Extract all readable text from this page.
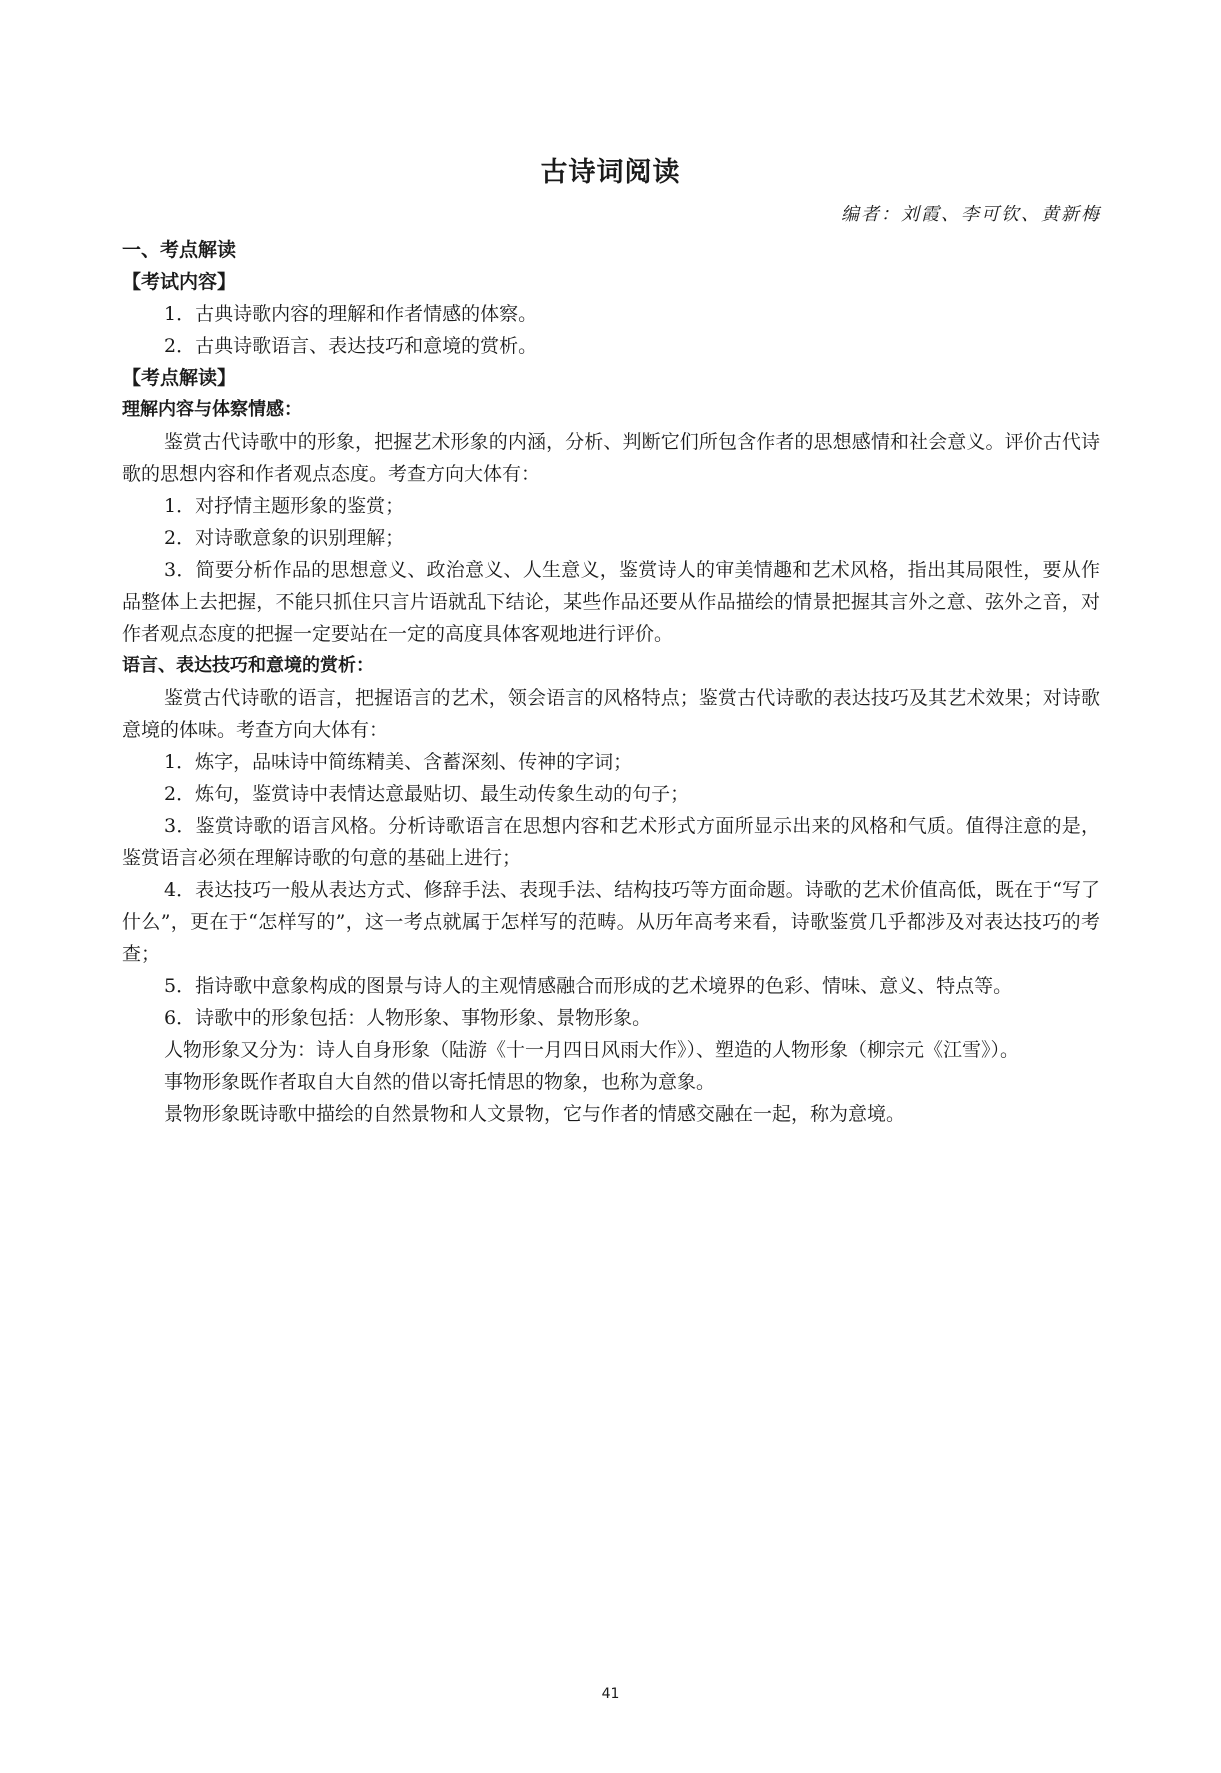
古诗词阅读
编者：刘霞、李可钦、黄新梅
一、考点解读
【考试内容】
1．古典诗歌内容的理解和作者情感的体察。
2．古典诗歌语言、表达技巧和意境的赏析。
【考点解读】
理解内容与体察情感：
鉴赏古代诗歌中的形象，把握艺术形象的内涵，分析、判断它们所包含作者的思想感情和社会意义。评价古代诗歌的思想内容和作者观点态度。考查方向大体有：
1．对抒情主题形象的鉴赏；
2．对诗歌意象的识别理解；
3．简要分析作品的思想意义、政治意义、人生意义，鉴赏诗人的审美情趣和艺术风格，指出其局限性，要从作品整体上去把握，不能只抓住只言片语就乱下结论，某些作品还要从作品描绘的情景把握其言外之意、弦外之音，对作者观点态度的把握一定要站在一定的高度具体客观地进行评价。
语言、表达技巧和意境的赏析：
鉴赏古代诗歌的语言，把握语言的艺术，领会语言的风格特点；鉴赏古代诗歌的表达技巧及其艺术效果；对诗歌意境的体味。考查方向大体有：
1．炼字，品味诗中简练精美、含蓄深刻、传神的字词；
2．炼句，鉴赏诗中表情达意最贴切、最生动传象生动的句子；
3．鉴赏诗歌的语言风格。分析诗歌语言在思想内容和艺术形式方面所显示出来的风格和气质。值得注意的是，鉴赏语言必须在理解诗歌的句意的基础上进行；
4．表达技巧一般从表达方式、修辞手法、表现手法、结构技巧等方面命题。诗歌的艺术价值高低，既在于“写了什么”，更在于“怎样写的”，这一考点就属于怎样写的范畴。从历年高考来看，诗歌鉴赏几乎都涉及对表达技巧的考查；
5．指诗歌中意象构成的图景与诗人的主观情感融合而形成的艺术境界的色彩、情味、意义、特点等。
6．诗歌中的形象包括：人物形象、事物形象、景物形象。
人物形象又分为：诗人自身形象（陆游《十一月四日风雨大作》）、塑造的人物形象（柳宗元《江雪》）。
事物形象既作者取自大自然的借以寄托情思的物象，也称为意象。
景物形象既诗歌中描绘的自然景物和人文景物，它与作者的情感交融在一起，称为意境。
41
